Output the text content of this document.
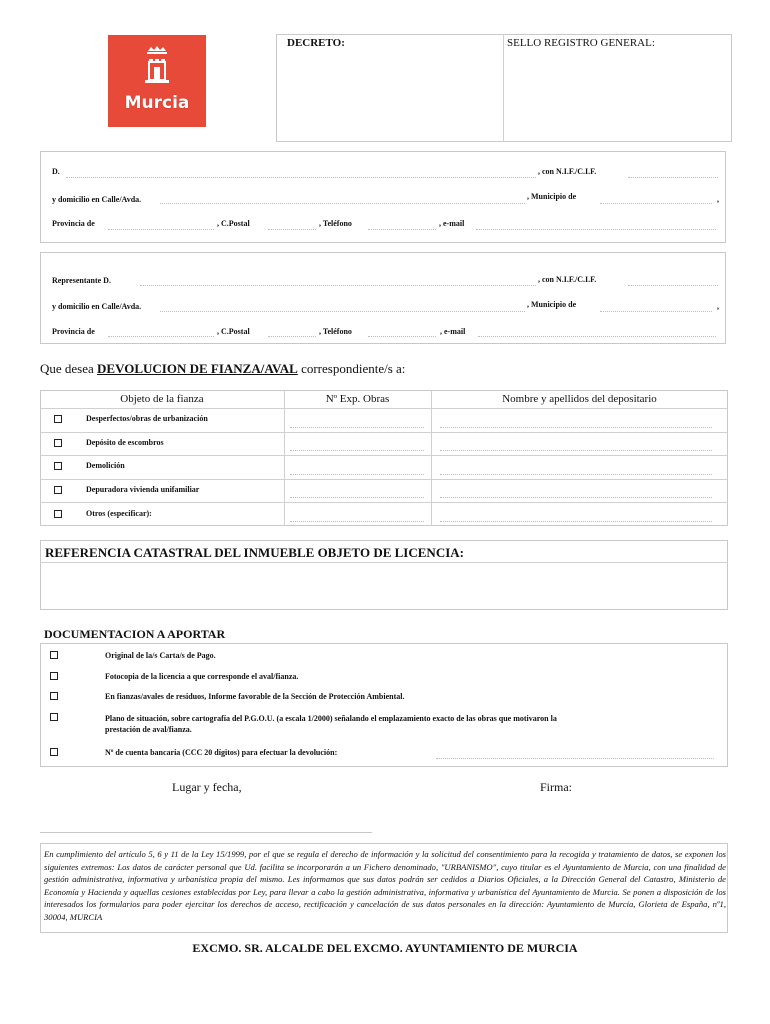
Murcia
DECRETO:	SELLO REGISTRO GENERAL:
D.	, con N.I.F./C.I.F.
y domicilio en Calle/Avda.	, Municipio de	,
Provincia de	, C.Postal	, Teléfono	, e-mail
Representante D.	, con N.I.F./C.I.F.
y domicilio en Calle/Avda.	, Municipio de	,
Provincia de	, C.Postal	, Teléfono	, e-mail
Que desea DEVOLUCION DE FIANZA/AVAL correspondiente/s a:
Objeto de la fianza	Nº Exp. Obras	Nombre y apellidos del depositario
Desperfectos/obras de urbanización
Depósito de escombros
Demolición
Depuradora vivienda unifamiliar
Otros (especificar):
REFERENCIA CATASTRAL DEL INMUEBLE OBJETO DE LICENCIA:
DOCUMENTACION A APORTAR
Original de la/s Carta/s de Pago.
Fotocopia de la licencia a que corresponde el aval/fianza.
En fianzas/avales de residuos, Informe favorable de la Sección de Protección Ambiental.
Plano de situación, sobre cartografía del P.G.O.U. (a escala 1/2000) señalando el emplazamiento exacto de las obras que motivaron la
prestación de aval/fianza.
Nº de cuenta bancaria (CCC 20 dígitos) para efectuar la devolución:
Lugar y fecha,	Firma:
En cumplimiento del artículo 5, 6 y 11 de la Ley 15/1999, por el que se regula el derecho de información y la solicitud del consentimiento para la recogida y tratamiento de datos, se exponen los siguientes extremos: Los datos de carácter personal que Ud. facilita se incorporarán a un Fichero denominado, "URBANISMO", cuyo titular es el Ayuntamiento de Murcia, con una finalidad de gestión administrativa, informativa y urbanística propia del mismo. Les informamos que sus datos podrán ser cedidos a Diarios Oficiales, a la Dirección General del Catastro, Ministerio de Economía y Hacienda y aquellas cesiones establecidas por Ley, para llevar a cabo la gestión administrativa, informativa y urbanística del Ayuntamiento de Murcia. Se ponen a disposición de los interesados los formularios para poder ejercitar los derechos de acceso, rectificación y cancelación de sus datos personales en la dirección: Ayuntamiento de Murcia, Glorieta de España, nº1, 30004, MURCIA
EXCMO. SR. ALCALDE DEL EXCMO. AYUNTAMIENTO DE MURCIA
